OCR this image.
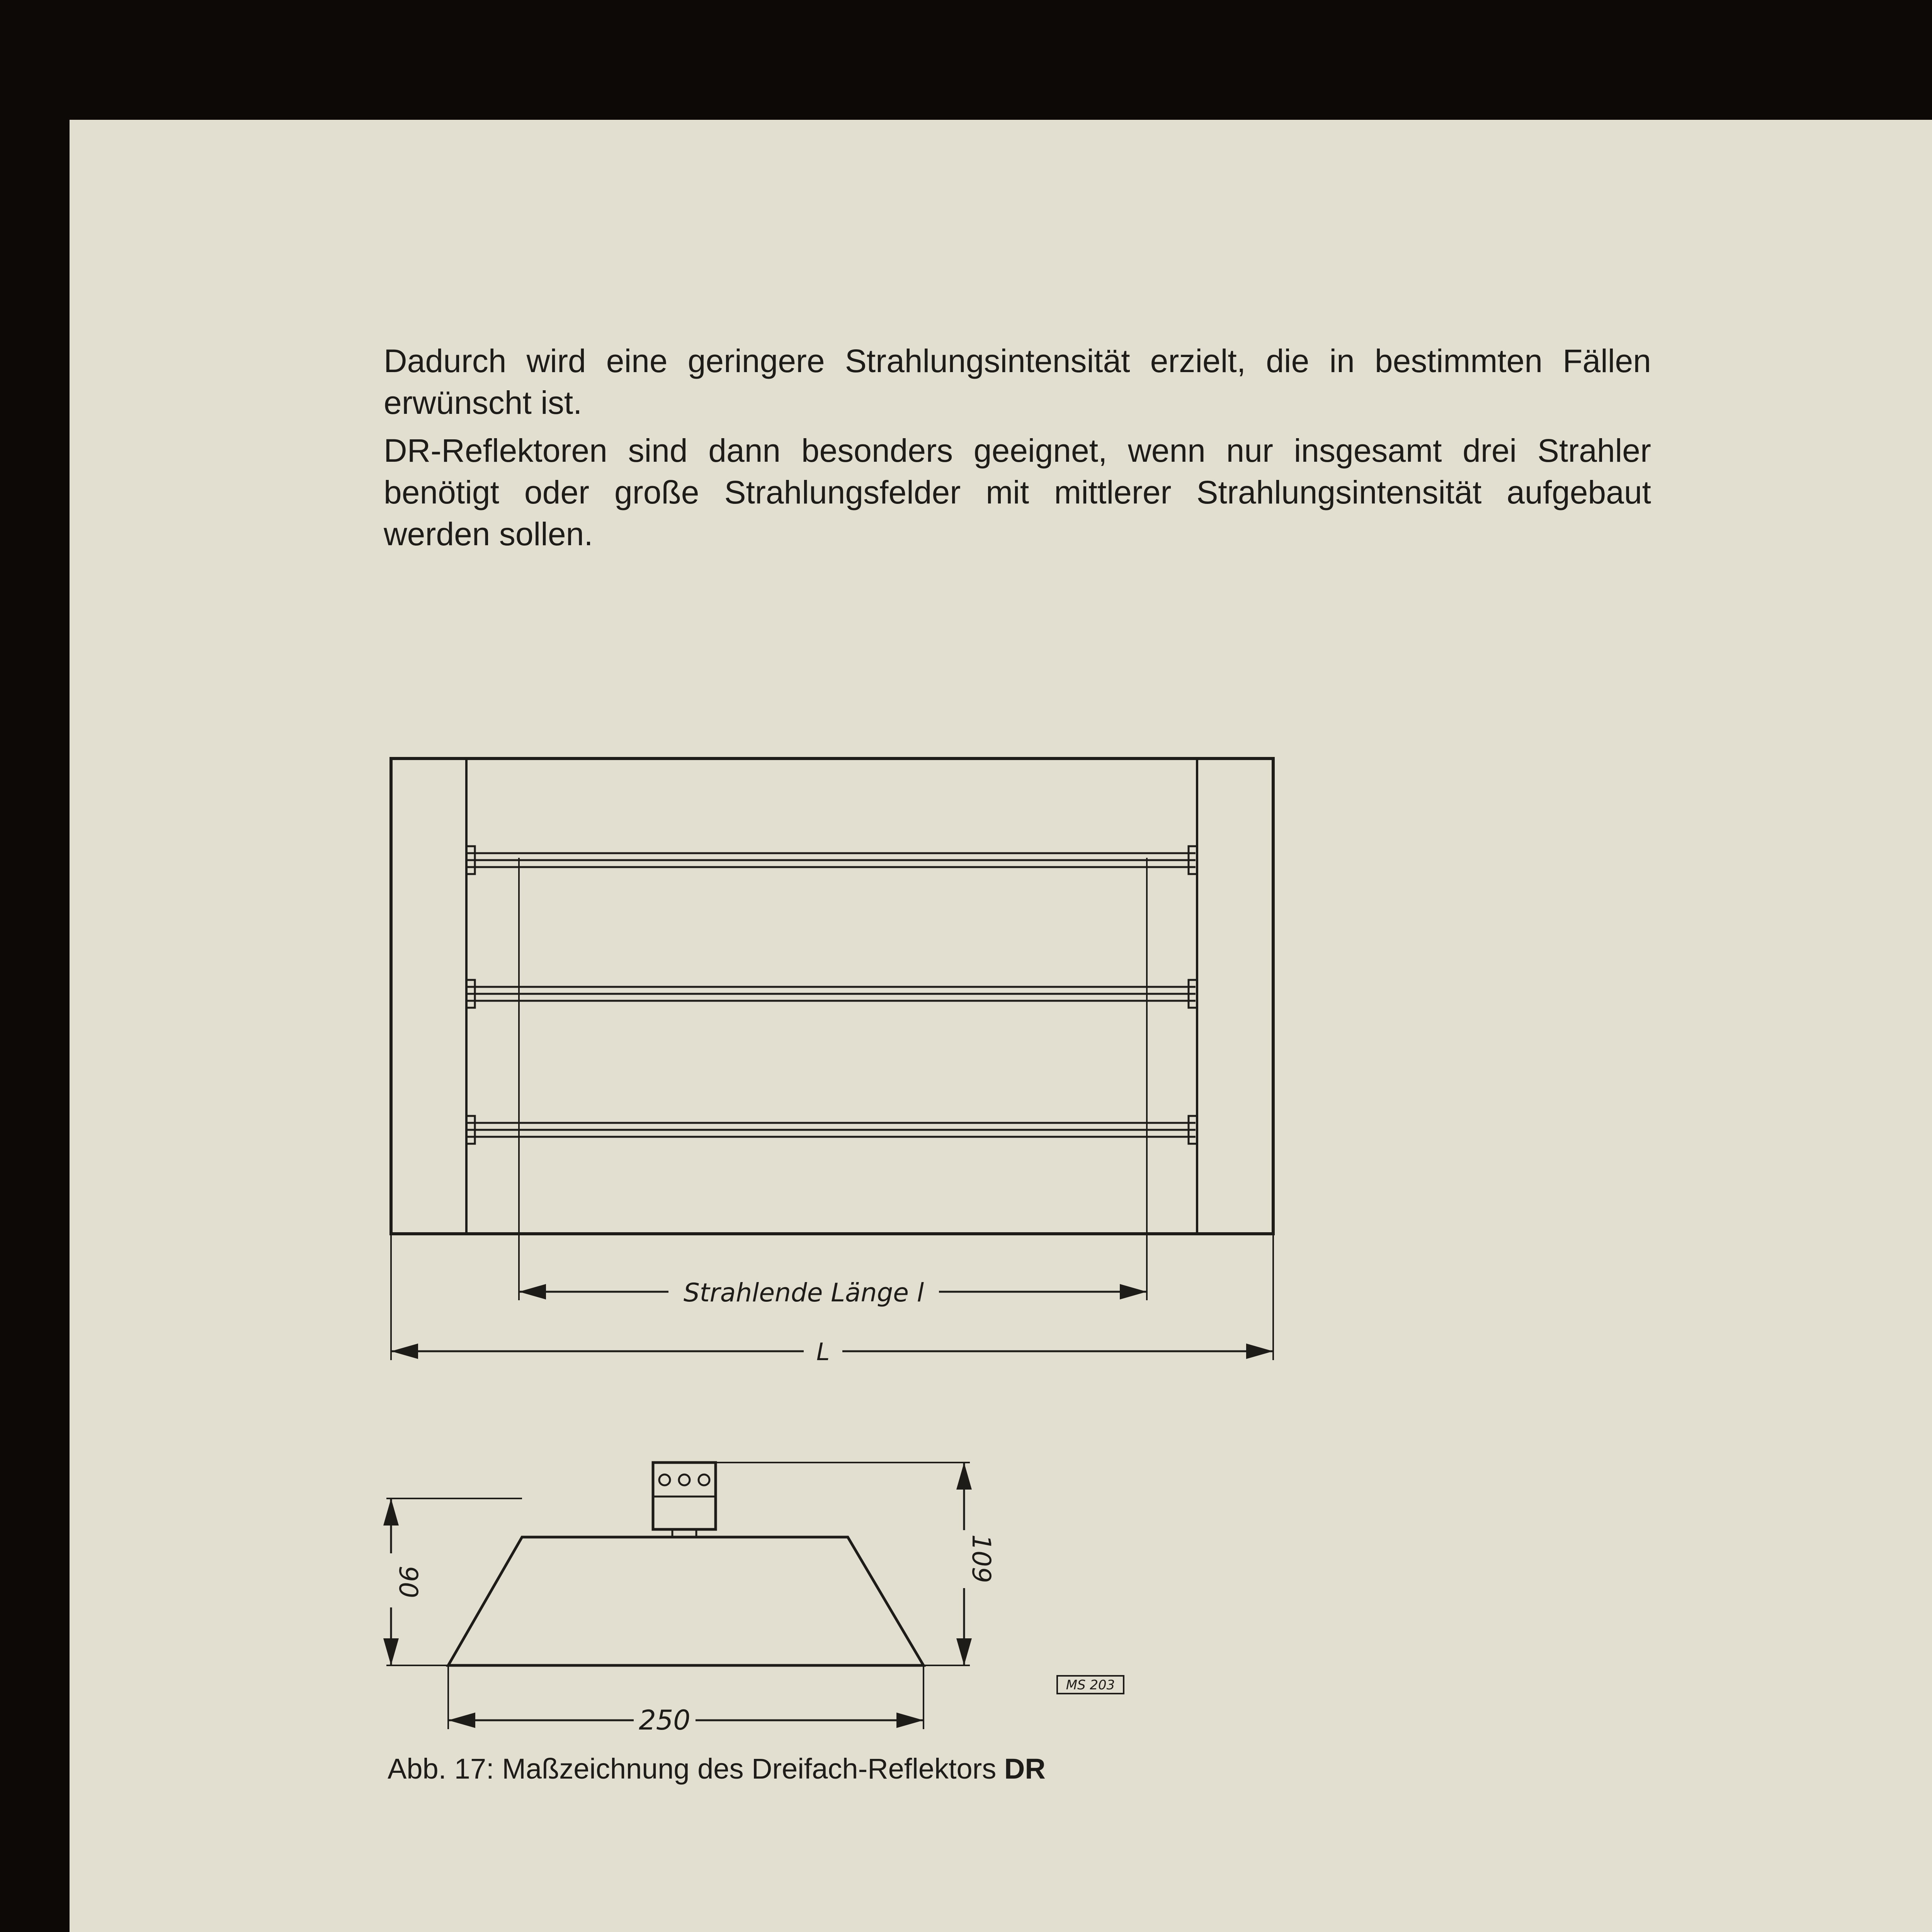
Dadurch wird eine geringere Strahlungsintensität erzielt, die in bestimmten Fällen erwünscht ist.
DR-Reflektoren sind dann besonders geeignet, wenn nur insgesamt drei Strahler benötigt oder große Strahlungsfelder mit mittlerer Strahlungsintensität aufgebaut werden sollen.
Strahlende Länge l
L
90	109
250
MS 203
Abb. 17: Maßzeichnung des Dreifach-Reflektors DR
